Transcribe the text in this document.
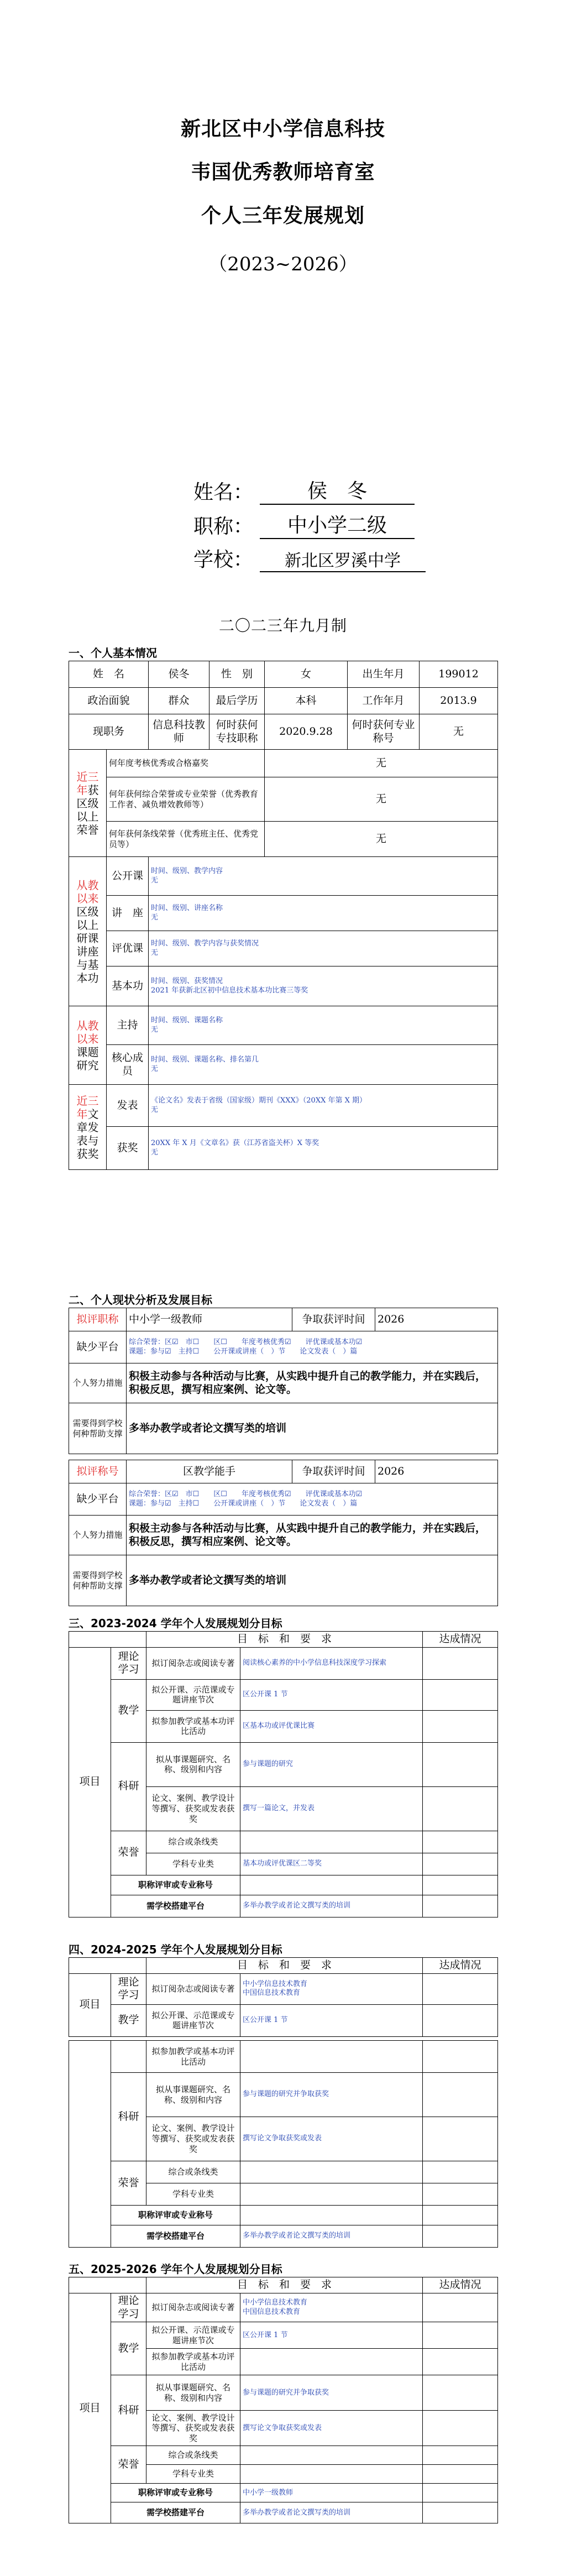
新北区中小学信息科技
韦国优秀教师培育室
个人三年发展规划
（2023~2026）
姓名：	侯　冬
职称：	中小学二级
学校：	新北区罗溪中学
二〇二三年九月制
一、个人基本情况
姓　名		侯冬	性　别	女	出生年月	199012
政治面貌		群众	最后学历	本科	工作年月	2013.9
现职务		信息科技教师	何时获何专技职称	2020.9.28	何时获何专业称号	无
近三年获区级以上荣誉	何年度考核优秀或合格嘉奖			无		
	何年获何综合荣誉或专业荣誉（优秀教育工作者、减负增效教师等）			无		
	何年获何条线荣誉（优秀班主任、优秀党员等）			无		
从教以来区级以上研课讲座与基本功	公开课	时间、级别、教学内容
无				
	讲　座	时间、级别、讲座名称
无				
	评优课	时间、级别、教学内容与获奖情况
无				
	基本功	时间、级别、获奖情况
2021 年获新北区初中信息技术基本功比赛三等奖				
从教以来课题研究	主持	时间、级别、课题名称
无				
	核心成员	时间、级别、课题名称、排名第几
无				
近三年文章发表与获奖	发表	《论文名》发表于省级（国家级）期刊《XXX》（20XX 年第 X 期）
无				
	获奖	20XX 年 X 月《文章名》获（江苏省盗关杯）X 等奖
无				
二、个人现状分析及发展目标
拟评职称	中小学一级教师	争取获评时间	2026
缺少平台	综合荣誉：区☑　市☐　　区☐　　年度考核优秀☑　　评优课或基本功☑
课题：参与☑　主持☐　　公开课或讲座（　）节　　论文发表（　）篇		

个人努力措施	积极主动参与各种活动与比赛，从实践中提升自己的教学能力，并在实践后，积极反思，撰写相应案例、论文等。		
需要得到学校何种帮助支撑	多举办教学或者论文撰写类的培训		
拟评称号	区教学能手	争取获评时间	2026
缺少平台	综合荣誉：区☑　市☐　　区☐　　年度考核优秀☑　　评优课或基本功☑
课题：参与☑　主持☐　　公开课或讲座（　）节　　论文发表（　）篇		

个人努力措施	积极主动参与各种活动与比赛，从实践中提升自己的教学能力，并在实践后，积极反思，撰写相应案例、论文等。		
需要得到学校何种帮助支撑	多举办教学或者论文撰写类的培训		
三、2023-2024 学年个人发展规划分目标
		目　标　和　要　求		达成情况
项目	理论学习	拟订阅杂志或阅读专著	阅读核心素养的中小学信息科技深度学习探索	
	教学	拟公开课、示范课或专题讲座节次	区公开课 1 节	
		拟参加教学或基本功评比活动	区基本功或评优课比赛	
	科研	拟从事课题研究、名称、级别和内容	参与课题的研究	
		论文、案例、教学设计等撰写、获奖或发表获奖	撰写一篇论文，并发表	
	荣誉	综合或条线类		
		学科专业类	基本功或评优课区二等奖	
	职称评审或专业称号			
	需学校搭建平台		多举办教学或者论文撰写类的培训	
四、2024-2025 学年个人发展规划分目标
		目　标　和　要　求		达成情况
项目	理论学习	拟订阅杂志或阅读专著	中小学信息技术教育
中国信息技术教育	
	教学	拟公开课、示范课或专题讲座节次	区公开课 1 节	
		拟参加教学或基本功评比活动		
	科研	拟从事课题研究、名称、级别和内容	参与课题的研究并争取获奖	
		论文、案例、教学设计等撰写、获奖或发表获奖	撰写论文争取获奖或发表	
	荣誉	综合或条线类		
		学科专业类		
	职称评审或专业称号			
	需学校搭建平台		多举办教学或者论文撰写类的培训	
五、2025-2026 学年个人发展规划分目标
		目　标　和　要　求		达成情况
项目	理论学习	拟订阅杂志或阅读专著	中小学信息技术教育
中国信息技术教育	
	教学	拟公开课、示范课或专题讲座节次	区公开课 1 节	
		拟参加教学或基本功评比活动		
	科研	拟从事课题研究、名称、级别和内容	参与课题的研究并争取获奖	
		论文、案例、教学设计等撰写、获奖或发表获奖	撰写论文争取获奖或发表	
	荣誉	综合或条线类		
		学科专业类		
	职称评审或专业称号		中小学一级教师	
	需学校搭建平台		多举办教学或者论文撰写类的培训	
